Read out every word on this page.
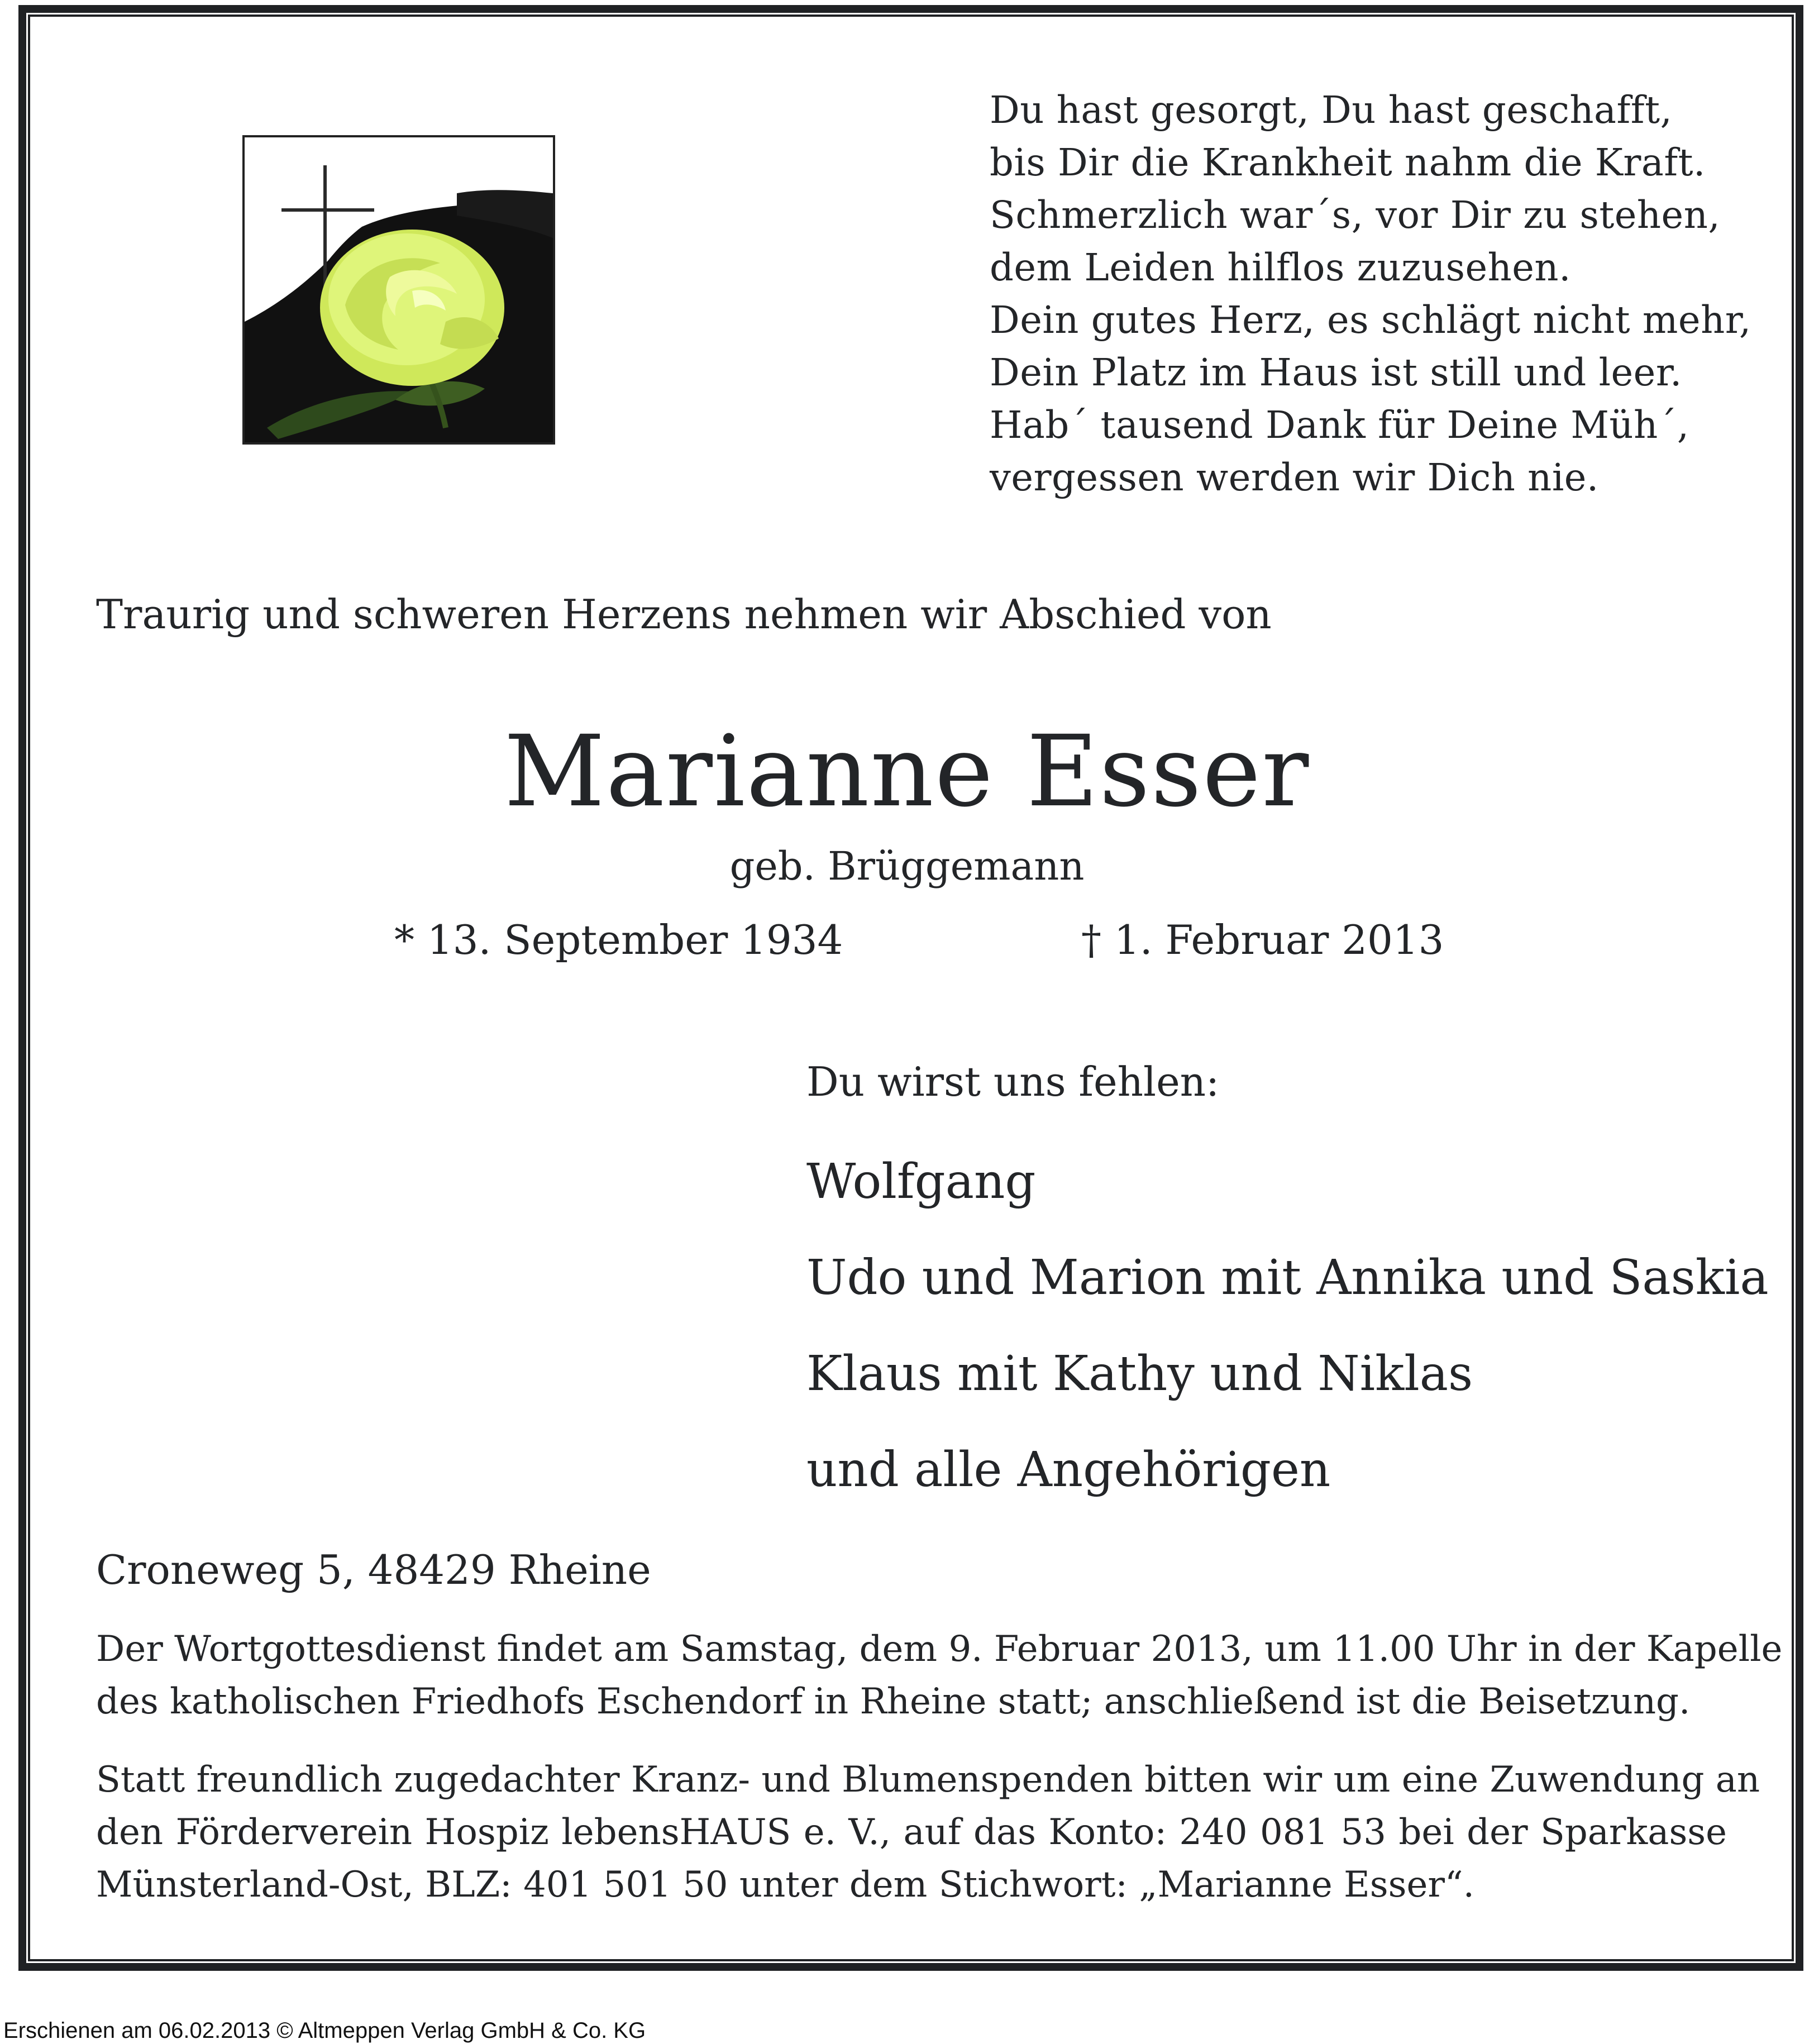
Du hast gesorgt, Du hast geschafft,
bis Dir die Krankheit nahm die Kraft.
Schmerzlich war´s, vor Dir zu stehen,
dem Leiden hilflos zuzusehen.
Dein gutes Herz, es schlägt nicht mehr,
Dein Platz im Haus ist still und leer.
Hab´ tausend Dank für Deine Müh´,
vergessen werden wir Dich nie.
Traurig und schweren Herzens nehmen wir Abschied von
Marianne Esser
geb. Brüggemann
* 13. September 1934	† 1. Februar 2013
Du wirst uns fehlen:
Wolfgang
Udo und Marion mit Annika und Saskia
Klaus mit Kathy und Niklas
und alle Angehörigen
Croneweg 5, 48429 Rheine
Der Wortgottesdienst findet am Samstag, dem 9. Februar 2013, um 11.00 Uhr in der Kapelle
des katholischen Friedhofs Eschendorf in Rheine statt; anschließend ist die Beisetzung.
Statt freundlich zugedachter Kranz- und Blumenspenden bitten wir um eine Zuwendung an
den Förderverein Hospiz lebensHAUS e. V., auf das Konto: 240 081 53 bei der Sparkasse
Münsterland-Ost, BLZ: 401 501 50 unter dem Stichwort: „Marianne Esser“.
Erschienen am 06.02.2013 © Altmeppen Verlag GmbH & Co. KG
